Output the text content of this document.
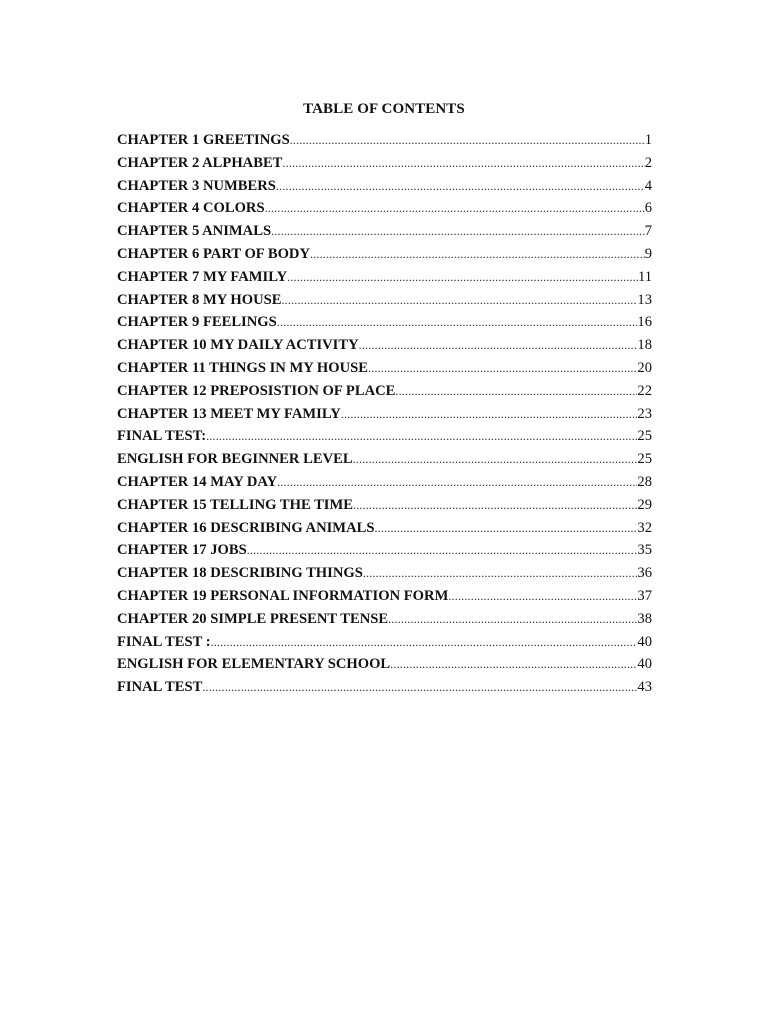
TABLE OF CONTENTS
CHAPTER 1 GREETINGS .....	1
CHAPTER 2 ALPHABET .....	2
CHAPTER 3 NUMBERS .....	4
CHAPTER 4 COLORS .....	6
CHAPTER 5 ANIMALS .....	7
CHAPTER 6 PART OF BODY .....	9
CHAPTER 7 MY FAMILY .....	11
CHAPTER 8 MY HOUSE .....	13
CHAPTER 9 FEELINGS .....	16
CHAPTER 10 MY DAILY ACTIVITY .....	18
CHAPTER 11 THINGS IN MY HOUSE .....	20
CHAPTER 12 PREPOSISTION OF PLACE .....	22
CHAPTER 13 MEET MY FAMILY .....	23
FINAL TEST: .....	25
ENGLISH FOR BEGINNER LEVEL .....	25
CHAPTER 14 MAY DAY .....	28
CHAPTER 15 TELLING THE TIME .....	29
CHAPTER 16 DESCRIBING ANIMALS .....	32
CHAPTER 17 JOBS .....	35
CHAPTER 18 DESCRIBING THINGS .....	36
CHAPTER 19 PERSONAL INFORMATION FORM .....	37
CHAPTER 20 SIMPLE PRESENT TENSE .....	38
FINAL TEST : .....	40
ENGLISH FOR ELEMENTARY SCHOOL .....	40
FINAL TEST .....	43
